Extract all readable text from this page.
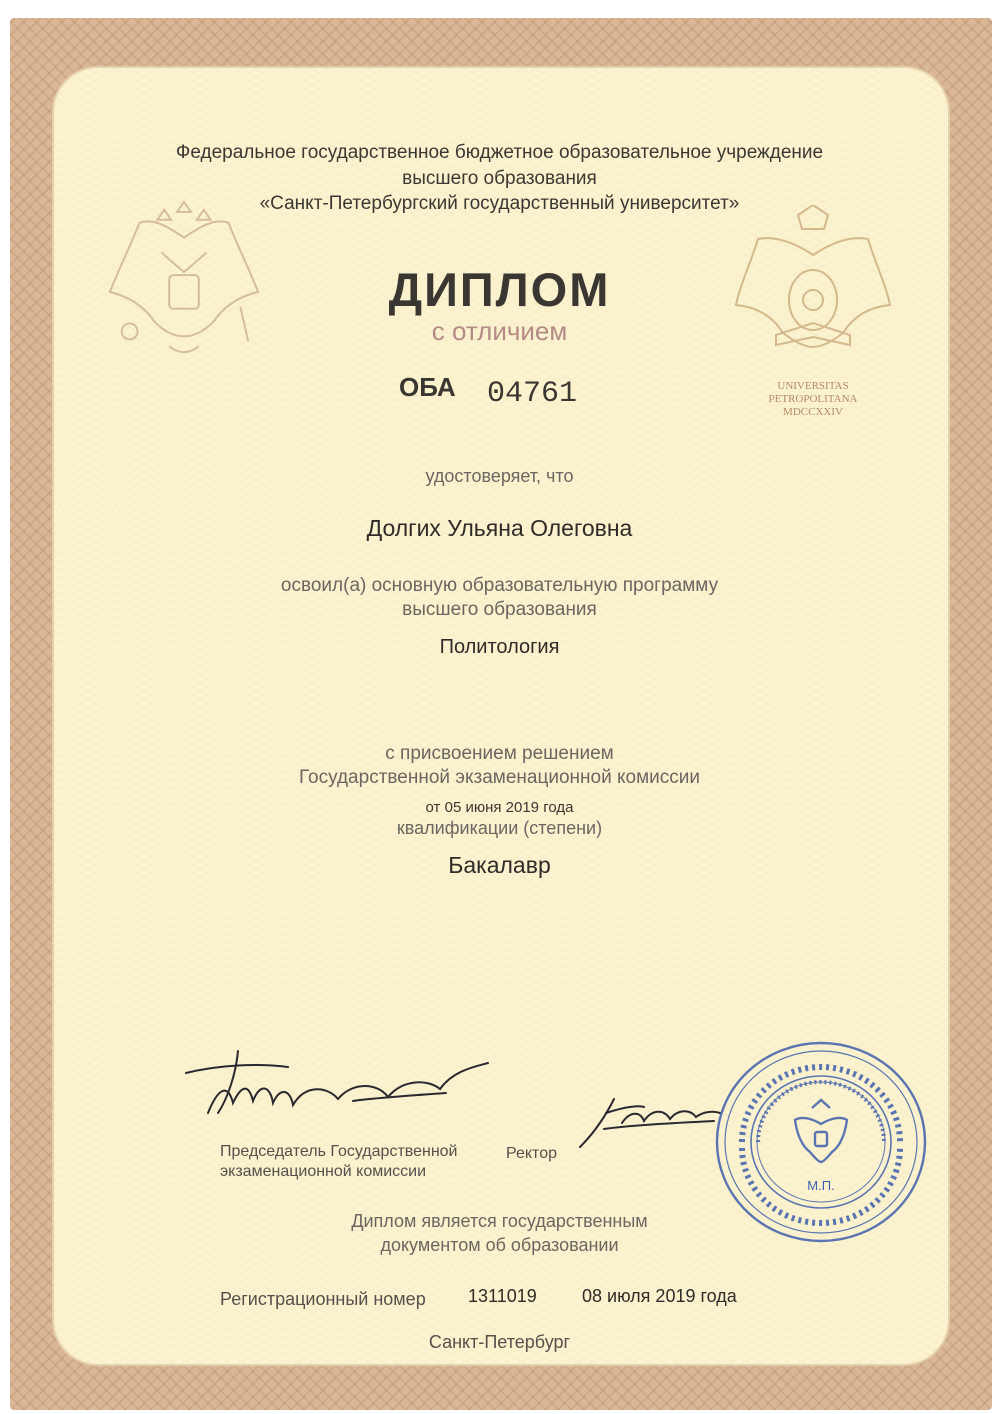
UNIVERSITAS
PETROPOLITANA
MDCCXXIV
Федеральное государственное бюджетное образовательное учреждение
высшего образования
«Санкт-Петербургский государственный университет»
ДИПЛОМ
с отличием
ОБА 04761
удостоверяет, что
Долгих Ульяна Олеговна
освоил(а) основную образовательную программу
высшего образования
Политология
с присвоением решением
Государственной экзаменационной комиссии
от 05 июня 2019 года
квалификации (степени)
Бакалавр
Председатель Государственной
экзаменационной комиссии
Ректор
М.П.
Диплом является государственным
документом об образовании
Регистрационный номер 1311019	08 июля 2019 года
Санкт-Петербург
